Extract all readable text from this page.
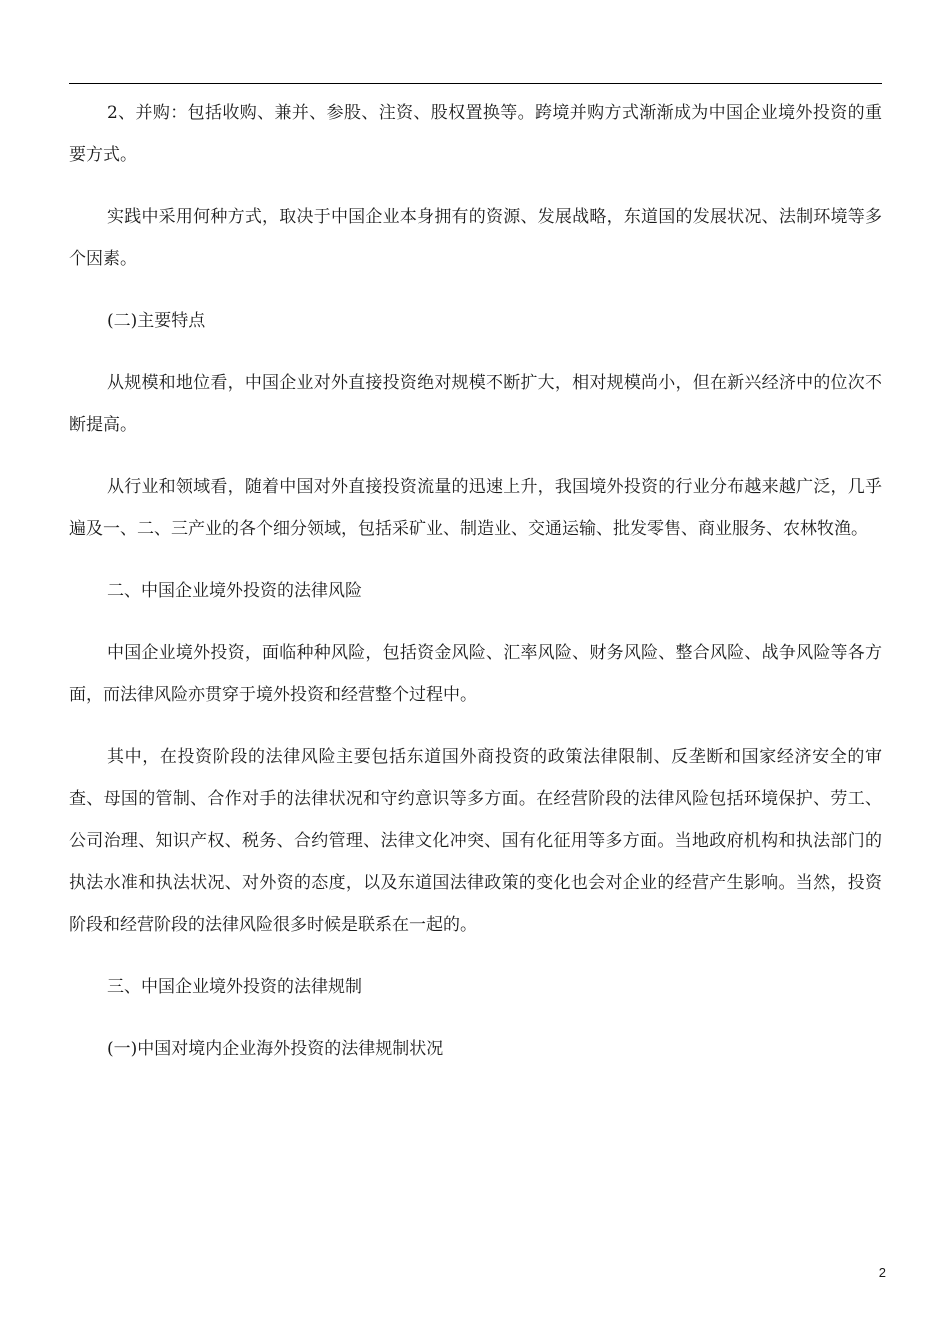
2、并购：包括收购、兼并、参股、注资、股权置换等。跨境并购方式渐渐成为中国企业境外投资的重要方式。

实践中采用何种方式，取决于中国企业本身拥有的资源、发展战略，东道国的发展状况、法制环境等多个因素。

(二)主要特点

从规模和地位看，中国企业对外直接投资绝对规模不断扩大，相对规模尚小，但在新兴经济中的位次不断提高。

从行业和领域看，随着中国对外直接投资流量的迅速上升，我国境外投资的行业分布越来越广泛，几乎遍及一、二、三产业的各个细分领域，包括采矿业、制造业、交通运输、批发零售、商业服务、农林牧渔。

二、中国企业境外投资的法律风险

中国企业境外投资，面临种种风险，包括资金风险、汇率风险、财务风险、整合风险、战争风险等各方面，而法律风险亦贯穿于境外投资和经营整个过程中。

其中，在投资阶段的法律风险主要包括东道国外商投资的政策法律限制、反垄断和国家经济安全的审查、母国的管制、合作对手的法律状况和守约意识等多方面。在经营阶段的法律风险包括环境保护、劳工、公司治理、知识产权、税务、合约管理、法律文化冲突、国有化征用等多方面。当地政府机构和执法部门的执法水准和执法状况、对外资的态度，以及东道国法律政策的变化也会对企业的经营产生影响。当然，投资阶段和经营阶段的法律风险很多时候是联系在一起的。

三、中国企业境外投资的法律规制

(一)中国对境内企业海外投资的法律规制状况

2
